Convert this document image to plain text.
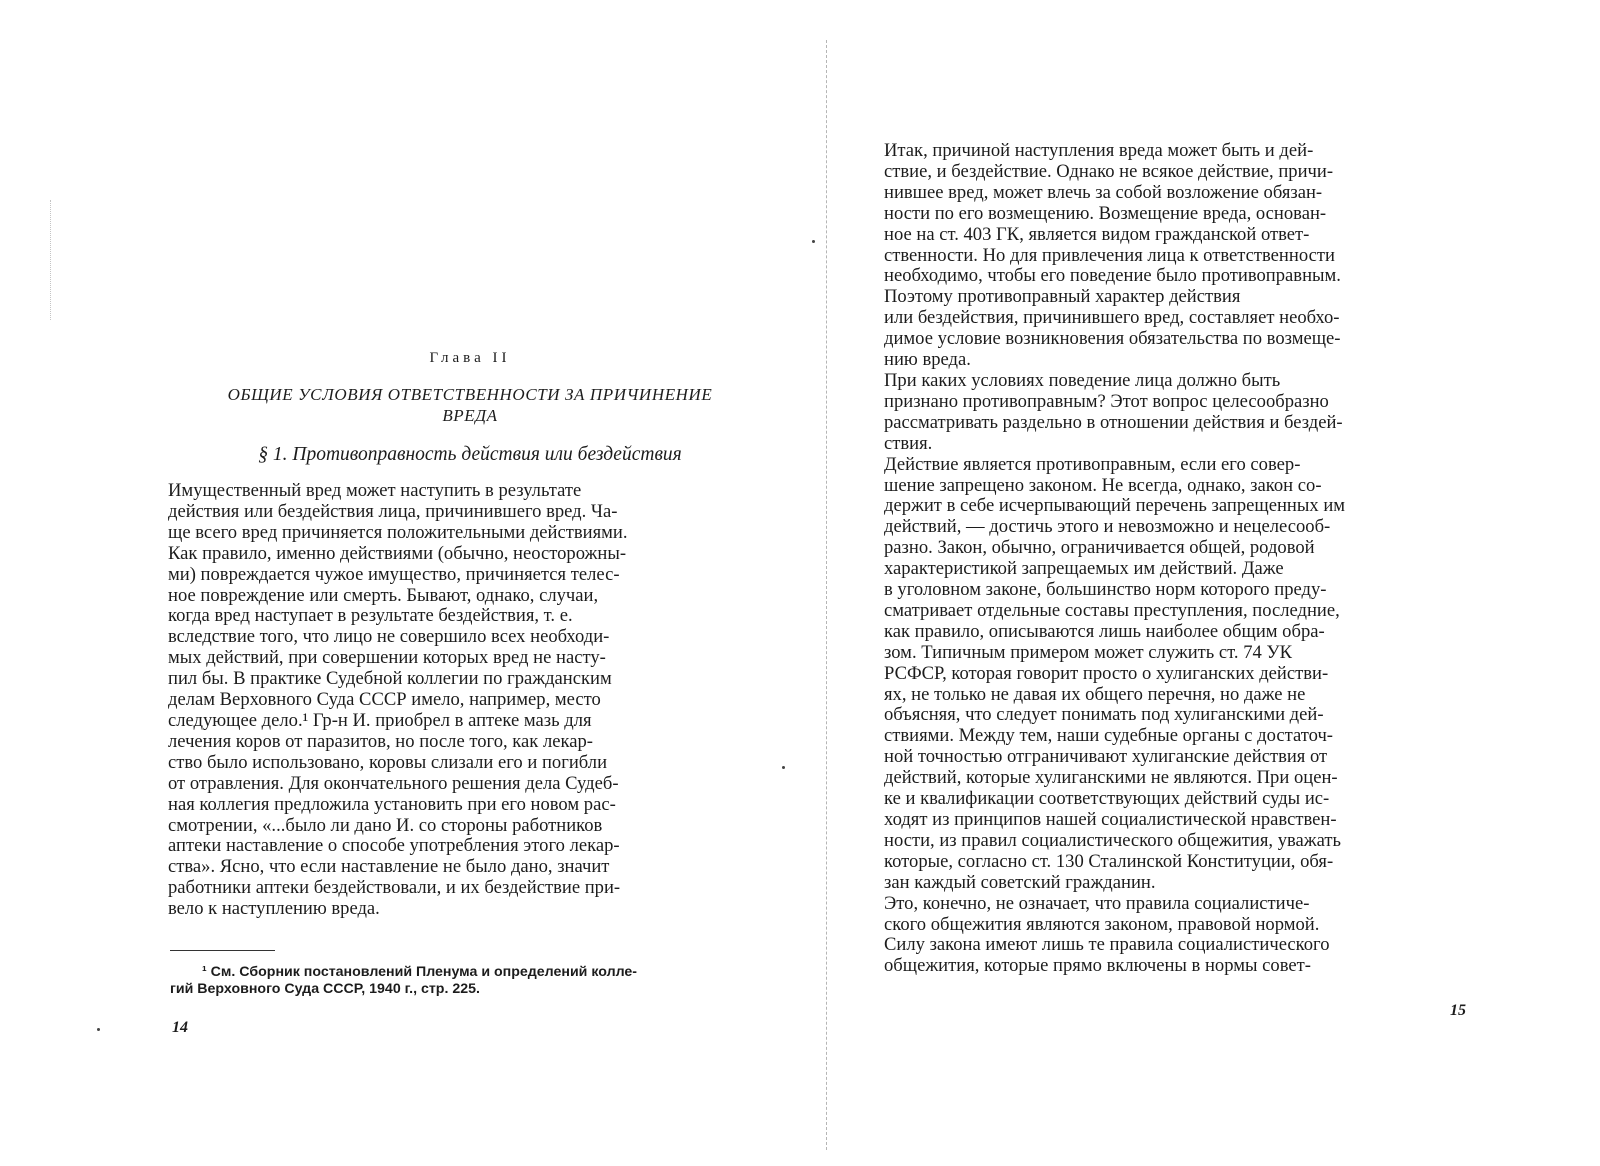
Глава II
ОБЩИЕ УСЛОВИЯ ОТВЕТСТВЕННОСТИ ЗА ПРИЧИНЕНИЕ
ВРЕДА
§ 1. Противоправность действия или бездействия
Имущественный вред может наступить в результате
действия или бездействия лица, причинившего вред. Ча-
ще всего вред причиняется положительными действиями.
Как правило, именно действиями (обычно, неосторожны-
ми) повреждается чужое имущество, причиняется телес-
ное повреждение или смерть. Бывают, однако, случаи,
когда вред наступает в результате бездействия, т. е.
вследствие того, что лицо не совершило всех необходи-
мых действий, при совершении которых вред не насту-
пил бы. В практике Судебной коллегии по гражданским
делам Верховного Суда СССР имело, например, место
следующее дело.¹ Гр-н И. приобрел в аптеке мазь для
лечения коров от паразитов, но после того, как лекар-
ство было использовано, коровы слизали его и погибли
от отравления. Для окончательного решения дела Судеб-
ная коллегия предложила установить при его новом рас-
смотрении, «...было ли дано И. со стороны работников
аптеки наставление о способе употребления этого лекар-
ства». Ясно, что если наставление не было дано, значит
работники аптеки бездействовали, и их бездействие при-
вело к наступлению вреда.
¹ См. Сборник постановлений Пленума и определений колле-
гий Верховного Суда СССР, 1940 г., стр. 225.
14
Итак, причиной наступления вреда может быть и дей-
ствие, и бездействие. Однако не всякое действие, причи-
нившее вред, может влечь за собой возложение обязан-
ности по его возмещению. Возмещение вреда, основан-
ное на ст. 403 ГК, является видом гражданской ответ-
ственности. Но для привлечения лица к ответственности
необходимо, чтобы его поведение было противоправным.
Поэтому противоправный характер действия
или бездействия, причинившего вред, составляет необхо-
димое условие возникновения обязательства по возмеще-
нию вреда.
При каких условиях поведение лица должно быть
признано противоправным? Этот вопрос целесообразно
рассматривать раздельно в отношении действия и бездей-
ствия.
Действие является противоправным, если его совер-
шение запрещено законом. Не всегда, однако, закон со-
держит в себе исчерпывающий перечень запрещенных им
действий, — достичь этого и невозможно и нецелесооб-
разно. Закон, обычно, ограничивается общей, родовой
характеристикой запрещаемых им действий. Даже
в уголовном законе, большинство норм которого преду-
сматривает отдельные составы преступления, последние,
как правило, описываются лишь наиболее общим обра-
зом. Типичным примером может служить ст. 74 УК
РСФСР, которая говорит просто о хулиганских действи-
ях, не только не давая их общего перечня, но даже не
объясняя, что следует понимать под хулиганскими дей-
ствиями. Между тем, наши судебные органы с достаточ-
ной точностью отграничивают хулиганские действия от
действий, которые хулиганскими не являются. При оцен-
ке и квалификации соответствующих действий суды ис-
ходят из принципов нашей социалистической нравствен-
ности, из правил социалистического общежития, уважать
которые, согласно ст. 130 Сталинской Конституции, обя-
зан каждый советский гражданин.
Это, конечно, не означает, что правила социалистиче-
ского общежития являются законом, правовой нормой.
Силу закона имеют лишь те правила социалистического
общежития, которые прямо включены в нормы совет-
15
